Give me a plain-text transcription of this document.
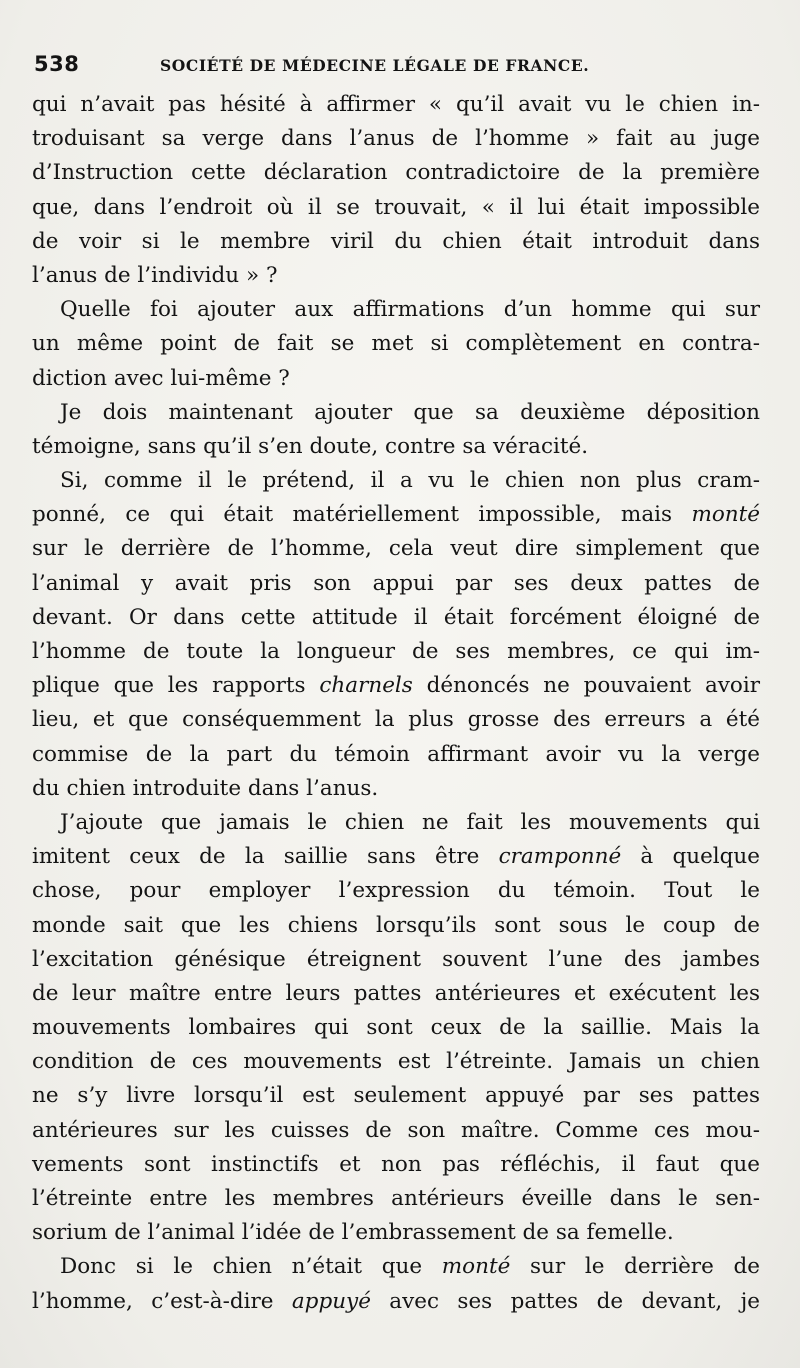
538	SOCIÉTÉ DE MÉDECINE LÉGALE DE FRANCE.
qui n’avait pas hésité à affirmer « qu’il avait vu le chien in-
troduisant sa verge dans l’anus de l’homme » fait au juge
d’Instruction cette déclaration contradictoire de la première
que, dans l’endroit où il se trouvait, « il lui était impossible
de voir si le membre viril du chien était introduit dans
l’anus de l’individu » ?
Quelle foi ajouter aux affirmations d’un homme qui sur
un même point de fait se met si complètement en contra-
diction avec lui-même ?
Je dois maintenant ajouter que sa deuxième déposition
témoigne, sans qu’il s’en doute, contre sa véracité.
Si, comme il le prétend, il a vu le chien non plus cram-
ponné, ce qui était matériellement impossible, mais monté
sur le derrière de l’homme, cela veut dire simplement que
l’animal y avait pris son appui par ses deux pattes de
devant. Or dans cette attitude il était forcément éloigné de
l’homme de toute la longueur de ses membres, ce qui im-
plique que les rapports charnels dénoncés ne pouvaient avoir
lieu, et que conséquemment la plus grosse des erreurs a été
commise de la part du témoin affirmant avoir vu la verge
du chien introduite dans l’anus.
J’ajoute que jamais le chien ne fait les mouvements qui
imitent ceux de la saillie sans être cramponné à quelque
chose, pour employer l’expression du témoin. Tout le
monde sait que les chiens lorsqu’ils sont sous le coup de
l’excitation génésique étreignent souvent l’une des jambes
de leur maître entre leurs pattes antérieures et exécutent les
mouvements lombaires qui sont ceux de la saillie. Mais la
condition de ces mouvements est l’étreinte. Jamais un chien
ne s’y livre lorsqu’il est seulement appuyé par ses pattes
antérieures sur les cuisses de son maître. Comme ces mou-
vements sont instinctifs et non pas réfléchis, il faut que
l’étreinte entre les membres antérieurs éveille dans le sen-
sorium de l’animal l’idée de l’embrassement de sa femelle.
Donc si le chien n’était que monté sur le derrière de
l’homme, c’est-à-dire appuyé avec ses pattes de devant, je
